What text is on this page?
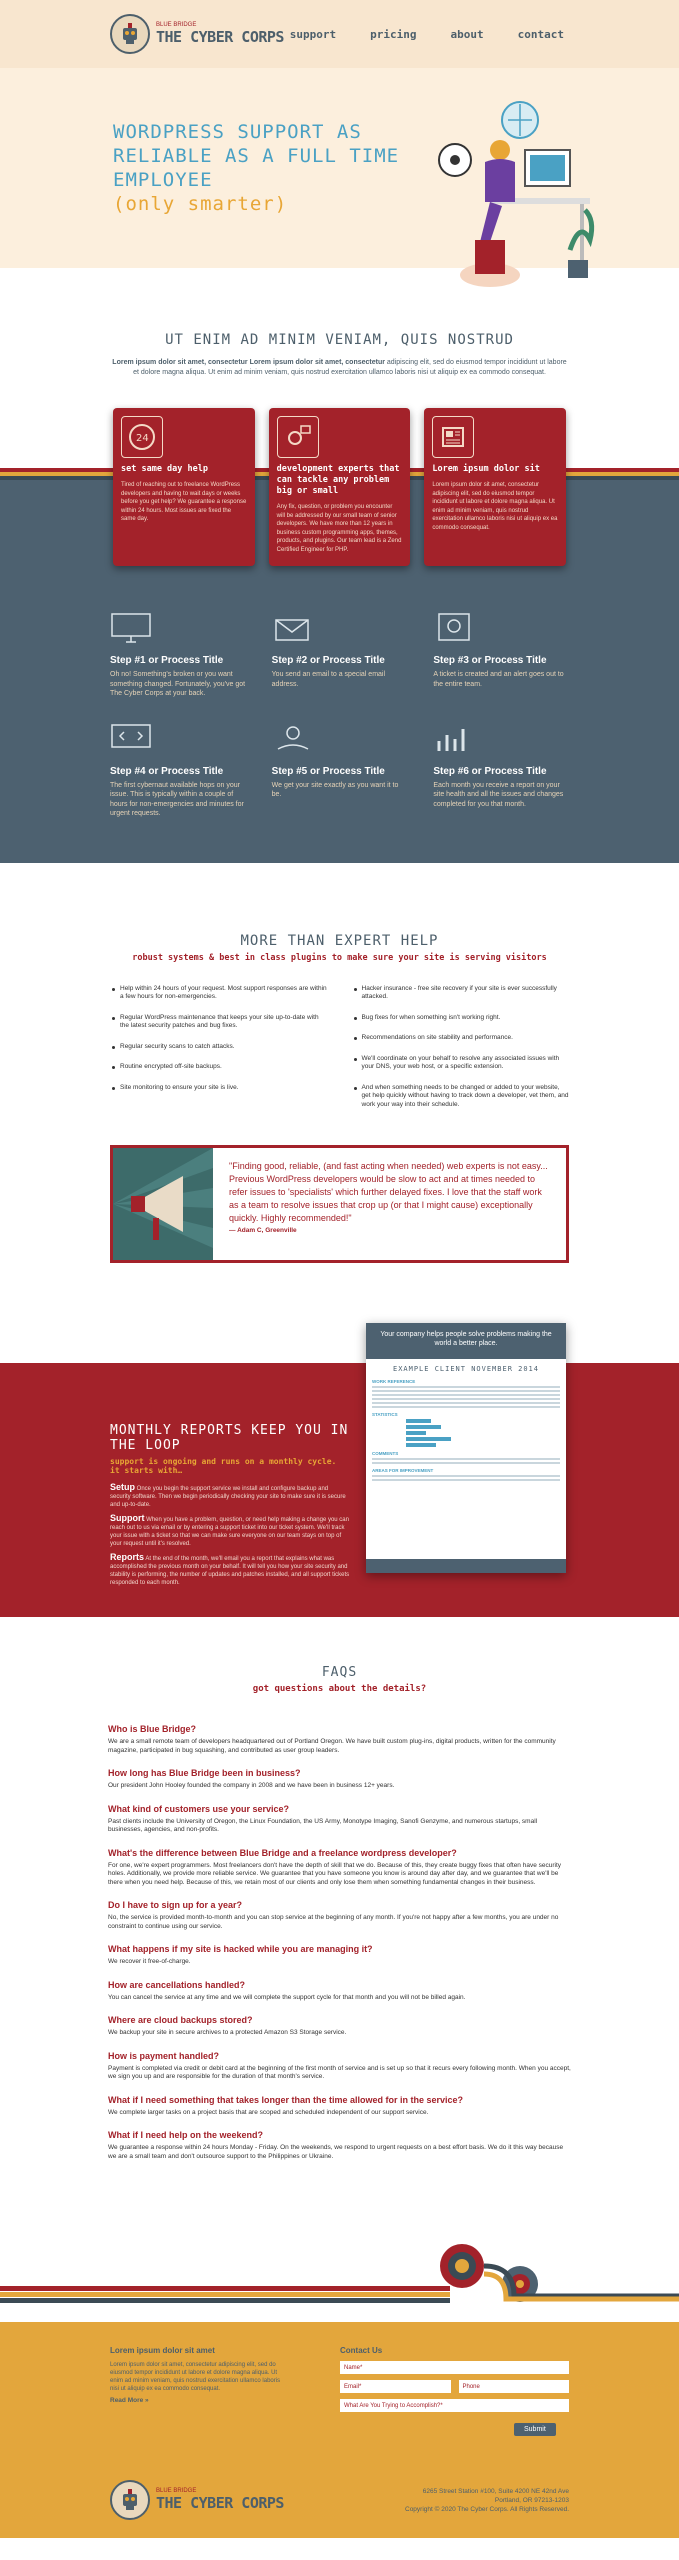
BLUE BRIDGE
THE CYBER CORPS support	pricing	about	contact
WORDPRESS SUPPORT AS RELIABLE AS A FULL TIME EMPLOYEE
(only smarter)
UT ENIM AD MINIM VENIAM, QUIS NOSTRUD

Lorem ipsum dolor sit amet, consectetur Lorem ipsum dolor sit amet, consectetur adipiscing elit, sed do eiusmod tempor incididunt ut labore et dolore magna aliqua. Ut enim ad minim veniam, quis nostrud exercitation ullamco laboris nisi ut aliquip ex ea commodo consequat.

24
set same day help

Tired of reaching out to freelance WordPress developers and having to wait days or weeks before you get help? We guarantee a response within 24 hours. Most issues are fixed the same day.

development experts that can tackle any problem big or small

Any fix, question, or problem you encounter will be addressed by our small team of senior developers. We have more than 12 years in business custom programming apps, themes, products, and plugins. Our team lead is a Zend Certified Engineer for PHP.

Lorem ipsum dolor sit

Lorem ipsum dolor sit amet, consectetur adipiscing elit, sed do eiusmod tempor incididunt ut labore et dolore magna aliqua. Ut enim ad minim veniam, quis nostrud exercitation ullamco laboris nisi ut aliquip ex ea commodo consequat.

Step #1 or Process Title

Oh no! Something's broken or you want something changed. Fortunately, you've got The Cyber Corps at your back.

Step #2 or Process Title

You send an email to a special email address.

Step #3 or Process Title

A ticket is created and an alert goes out to the entire team.

Step #4 or Process Title

The first cybernaut available hops on your issue. This is typically within a couple of hours for non-emergencies and minutes for urgent requests.

Step #5 or Process Title

We get your site exactly as you want it to be.

Step #6 or Process Title

Each month you receive a report on your site health and all the issues and changes completed for you that month.

MORE THAN EXPERT HELP
robust systems & best in class plugins to make sure your site is serving visitors
Help within 24 hours of your request. Most support responses are within a few hours for non-emergencies.
Regular WordPress maintenance that keeps your site up-to-date with the latest security patches and bug fixes.
Regular security scans to catch attacks.
Routine encrypted off-site backups.
Site monitoring to ensure your site is live.
Hacker insurance - free site recovery if your site is ever successfully attacked.
Bug fixes for when something isn't working right.
Recommendations on site stability and performance.
We'll coordinate on your behalf to resolve any associated issues with your DNS, your web host, or a specific extension.
And when something needs to be changed or added to your website, get help quickly without having to track down a developer, vet them, and work your way into their schedule.

"Finding good, reliable, (and fast acting when needed) web experts is not easy... Previous WordPress developers would be slow to act and at times needed to refer issues to 'specialists' which further delayed fixes. I love that the staff work as a team to resolve issues that crop up (or that I might cause) exceptionally quickly. Highly recommended!"

— Adam C, Greenville
MONTHLY REPORTS KEEP YOU IN THE LOOP
support is ongoing and runs on a monthly cycle. it starts with…
Setup Once you begin the support service we install and configure backup and security software. Then we begin periodically checking your site to make sure it is secure and up-to-date.
Support When you have a problem, question, or need help making a change you can reach out to us via email or by entering a support ticket into our ticket system. We'll track your issue with a ticket so that we can make sure everyone on our team stays on top of your request until it's resolved.
Reports At the end of the month, we'll email you a report that explains what was accomplished the previous month on your behalf. It will tell you how your site security and stability is performing, the number of updates and patches installed, and all support tickets responded to each month.
Your company helps people solve problems making the world a better place.
EXAMPLE CLIENT NOVEMBER 2014
WORK REFERENCE
STATISTICS
COMMENTS
AREAS FOR IMPROVEMENT
FAQS
got questions about the details?
Who is Blue Bridge?

We are a small remote team of developers headquartered out of Portland Oregon. We have built custom plug-ins, digital products, written for the community magazine, participated in bug squashing, and contributed as user group leaders.

How long has Blue Bridge been in business?

Our president John Hooley founded the company in 2008 and we have been in business 12+ years.

What kind of customers use your service?

Past clients include the University of Oregon, the Linux Foundation, the US Army, Monotype Imaging, Sanofi Genzyme, and numerous startups, small businesses, agencies, and non-profits.

What's the difference between Blue Bridge and a freelance wordpress developer?

For one, we're expert programmers. Most freelancers don't have the depth of skill that we do. Because of this, they create buggy fixes that often have security holes. Additionally, we provide more reliable service. We guarantee that you have someone you know is around day after day, and we guarantee that we'll be there when you need help. Because of this, we retain most of our clients and only lose them when something fundamental changes in their business.

Do I have to sign up for a year?

No, the service is provided month-to-month and you can stop service at the beginning of any month. If you're not happy after a few months, you are under no constraint to continue using our service.

What happens if my site is hacked while you are managing it?

We recover it free-of-charge.

How are cancellations handled?

You can cancel the service at any time and we will complete the support cycle for that month and you will not be billed again.

Where are cloud backups stored?

We backup your site in secure archives to a protected Amazon S3 Storage service.

How is payment handled?

Payment is completed via credit or debit card at the beginning of the first month of service and is set up so that it recurs every following month. When you accept, we sign you up and are responsible for the duration of that month's service.

What if I need something that takes longer than the time allowed for in the service?

We complete larger tasks on a project basis that are scoped and scheduled independent of our support service.

What if I need help on the weekend?

We guarantee a response within 24 hours Monday - Friday. On the weekends, we respond to urgent requests on a best effort basis. We do it this way because we are a small team and don't outsource support to the Philippines or Ukraine.

Lorem ipsum dolor sit amet

Lorem ipsum dolor sit amet, consectetur adipiscing elit, sed do eiusmod tempor incididunt ut labore et dolore magna aliqua. Ut enim ad minim veniam, quis nostrud exercitation ullamco laboris nisi ut aliquip ex ea commodo consequat.

Read More »
Contact Us
Name*
Email*	Phone
What Are You Trying to Accomplish?*
Submit
BLUE BRIDGE
THE CYBER CORPS
6265 Street Station #100, Suite 4200 NE 42nd Ave
Portland, OR 97213-1203
Copyright © 2020 The Cyber Corps. All Rights Reserved.
